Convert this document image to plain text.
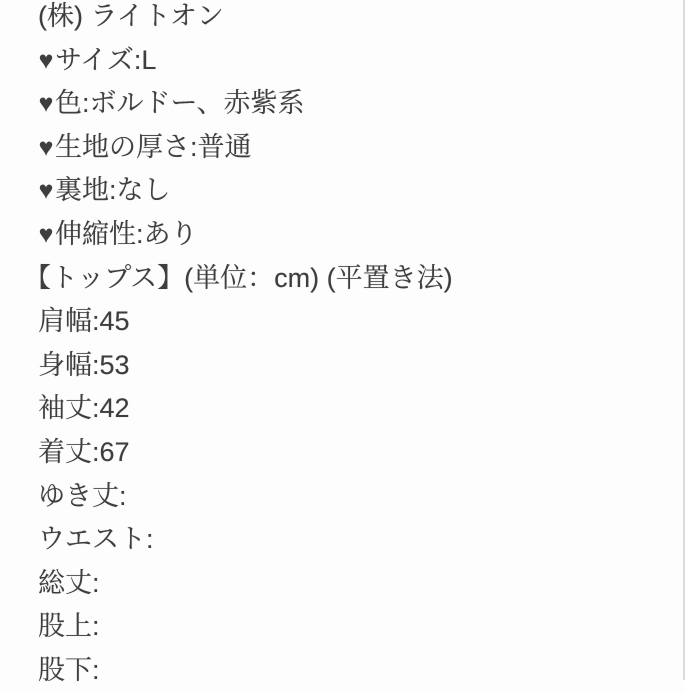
(株) ライトオン
♥サイズ:L
♥色:ボルドー、赤紫系
♥生地の厚さ:普通
♥裏地:なし
♥伸縮性:あり
【トップス】(単位：cm) (平置き法)
肩幅:45
身幅:53
袖丈:42
着丈:67
ゆき丈:
ウエスト:
総丈:
股上:
股下:
